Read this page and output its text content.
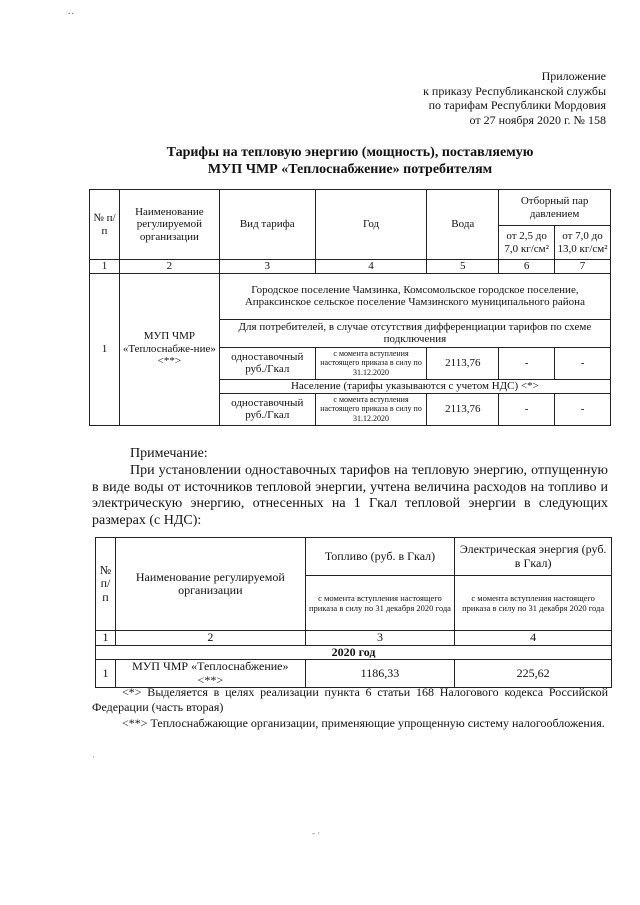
..
Приложение
к приказу Республиканской службы
по тарифам Республики Мордовия
от 27 ноября 2020 г. № 158
Тарифы на тепловую энергию (мощность), поставляемую
МУП ЧМР «Теплоснабжение» потребителям
№ п/п	Наименование регулируемой организации	Вид тарифа	Год	Вода	Отборный пар давлением	
					от 2,5 до 7,0 кг/см²	от 7,0 до 13,0 кг/см²
1	2	3	4	5	6	7
1	МУП ЧМР «Теплоснабже-ние» <**>	Городское поселение Чамзинка, Комсомольское городское поселение, Апраксинское сельское поселение Чамзинского муниципального района				
		Для потребителей, в случае отсутствия дифференциации тарифов по схеме подключения				
		одноставочный руб./Гкал	с момента вступления настоящего приказа в силу по 31.12.2020	2113,76	-	-
		Население (тарифы указываются с учетом НДС) <*>				
		одноставочный руб./Гкал	с момента вступления настоящего приказа в силу по 31.12.2020	2113,76	-	-
Примечание:
При установлении одноставочных тарифов на тепловую энергию, отпущенную в виде воды от источников тепловой энергии, учтена величина расходов на топливо и электрическую энергию, отнесенных на 1 Гкал тепловой энергии в следующих размерах (с НДС):
№ п/п	Наименование регулируемой организации	Топливо (руб. в Гкал)	Электрическая энергия (руб. в Гкал)
		с момента вступления настоящего приказа в силу по 31 декабря 2020 года	с момента вступления настоящего приказа в силу по 31 декабря 2020 года
1	2	3	4
2020 год			
1	МУП ЧМР «Теплоснабжение» <**>	1186,33	225,62
<*> Выделяется в целях реализации пункта 6 статьи 168 Налогового кодекса Российской Федерации (часть вторая)
<**> Теплоснабжающие организации, применяющие упрощенную систему налогообложения.
·
- ·
